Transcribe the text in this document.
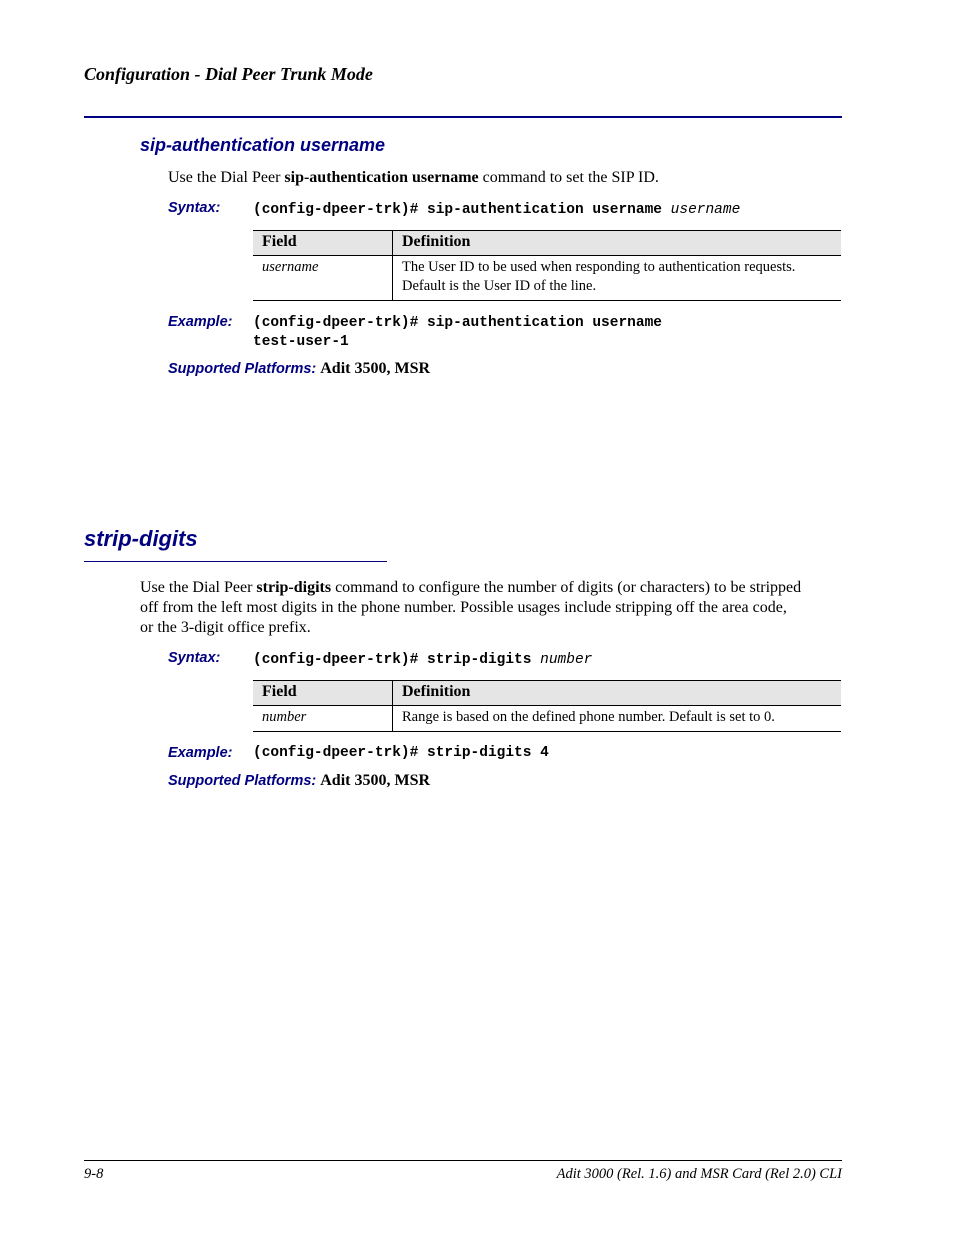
Configuration - Dial Peer Trunk Mode
sip-authentication username
Use the Dial Peer sip-authentication username command to set the SIP ID.
Syntax: (config-dpeer-trk)# sip-authentication username username
Field	Definition
username	The User ID to be used when responding to authentication requests.
Default is the User ID of the line.
Example: (config-dpeer-trk)# sip-authentication username
test-user-1
Supported Platforms: Adit 3500, MSR
strip-digits
Use the Dial Peer strip-digits command to configure the number of digits (or characters) to be stripped
off from the left most digits in the phone number. Possible usages include stripping off the area code,
or the 3-digit office prefix.
Syntax: (config-dpeer-trk)# strip-digits number
Field	Definition
number	Range is based on the defined phone number. Default is set to 0.
Example: (config-dpeer-trk)# strip-digits 4
Supported Platforms: Adit 3500, MSR
9-8	Adit 3000 (Rel. 1.6) and MSR Card (Rel 2.0) CLI
